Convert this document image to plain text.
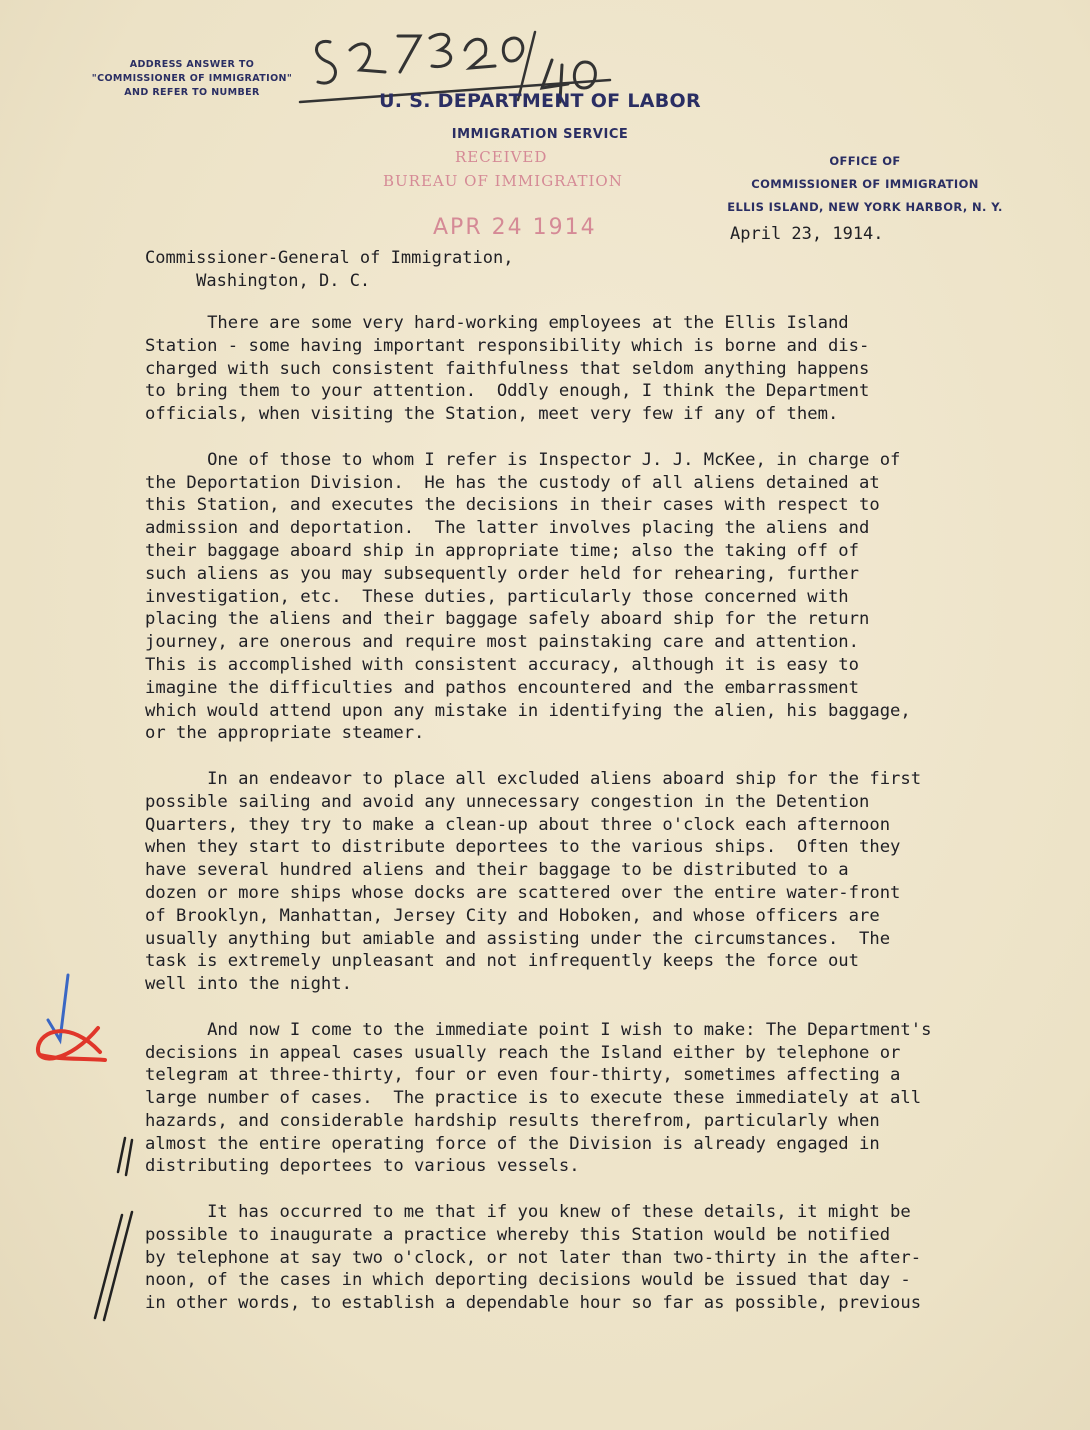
ADDRESS ANSWER TO
"COMMISSIONER OF IMMIGRATION"
AND REFER TO NUMBER	U. S. DEPARTMENT OF LABOR
IMMIGRATION SERVICE
OFFICE OF
COMMISSIONER OF IMMIGRATION
ELLIS ISLAND, NEW YORK HARBOR, N. Y.
RECEIVED
BUREAU OF IMMIGRATION
APR 24 1914	April 23, 1914.
Commissioner-General of Immigration,
Washington, D. C.
There are some very hard-working employees at the Ellis Island
Station - some having important responsibility which is borne and dis-
charged with such consistent faithfulness that seldom anything happens
to bring them to your attention.  Oddly enough, I think the Department
officials, when visiting the Station, meet very few if any of them.
One of those to whom I refer is Inspector J. J. McKee, in charge of
the Deportation Division.  He has the custody of all aliens detained at
this Station, and executes the decisions in their cases with respect to
admission and deportation.  The latter involves placing the aliens and
their baggage aboard ship in appropriate time; also the taking off of
such aliens as you may subsequently order held for rehearing, further
investigation, etc.  These duties, particularly those concerned with
placing the aliens and their baggage safely aboard ship for the return
journey, are onerous and require most painstaking care and attention.
This is accomplished with consistent accuracy, although it is easy to
imagine the difficulties and pathos encountered and the embarrassment
which would attend upon any mistake in identifying the alien, his baggage,
or the appropriate steamer.
In an endeavor to place all excluded aliens aboard ship for the first
possible sailing and avoid any unnecessary congestion in the Detention
Quarters, they try to make a clean-up about three o'clock each afternoon
when they start to distribute deportees to the various ships.  Often they
have several hundred aliens and their baggage to be distributed to a
dozen or more ships whose docks are scattered over the entire water-front
of Brooklyn, Manhattan, Jersey City and Hoboken, and whose officers are
usually anything but amiable and assisting under the circumstances.  The
task is extremely unpleasant and not infrequently keeps the force out
well into the night.
And now I come to the immediate point I wish to make: The Department's
decisions in appeal cases usually reach the Island either by telephone or
telegram at three-thirty, four or even four-thirty, sometimes affecting a
large number of cases.  The practice is to execute these immediately at all
hazards, and considerable hardship results therefrom, particularly when
almost the entire operating force of the Division is already engaged in
distributing deportees to various vessels.
It has occurred to me that if you knew of these details, it might be
possible to inaugurate a practice whereby this Station would be notified
by telephone at say two o'clock, or not later than two-thirty in the after-
noon, of the cases in which deporting decisions would be issued that day -
in other words, to establish a dependable hour so far as possible, previous
